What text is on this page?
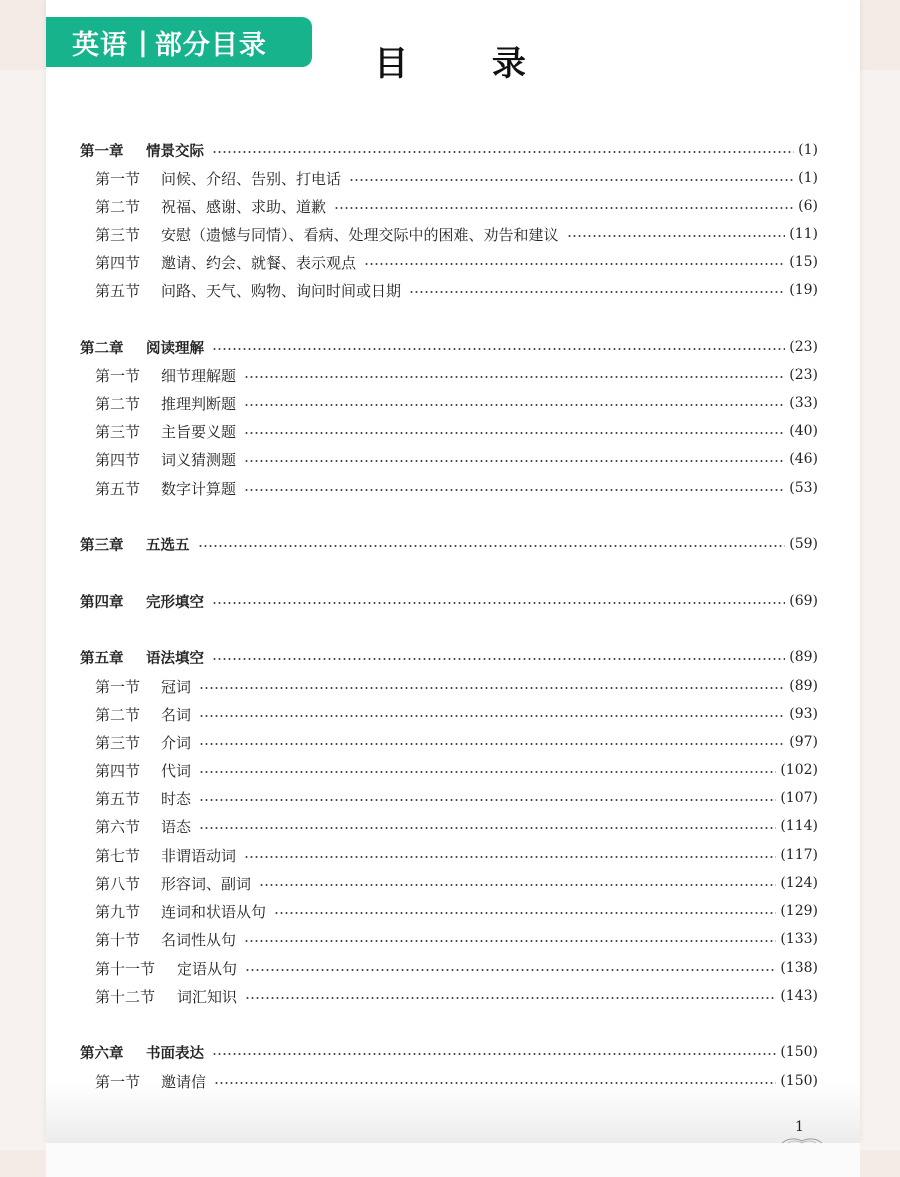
英语 | 部分目录	目 录
第一章	情景交际	(1)
第一节	问候、介绍、告别、打电话	(1)
第二节	祝福、感谢、求助、道歉	(6)
第三节	安慰（遗憾与同情）、看病、处理交际中的困难、劝告和建议	(11)
第四节	邀请、约会、就餐、表示观点	(15)
第五节	问路、天气、购物、询问时间或日期	(19)
第二章	阅读理解	(23)
第一节	细节理解题	(23)
第二节	推理判断题	(33)
第三节	主旨要义题	(40)
第四节	词义猜测题	(46)
第五节	数字计算题	(53)
第三章	五选五	(59)
第四章	完形填空	(69)
第五章	语法填空	(89)
第一节	冠词	(89)
第二节	名词	(93)
第三节	介词	(97)
第四节	代词	(102)
第五节	时态	(107)
第六节	语态	(114)
第七节	非谓语动词	(117)
第八节	形容词、副词	(124)
第九节	连词和状语从句	(129)
第十节	名词性从句	(133)
第十一节	定语从句	(138)
第十二节	词汇知识	(143)
第六章	书面表达	(150)
第一节	邀请信	(150)
1
